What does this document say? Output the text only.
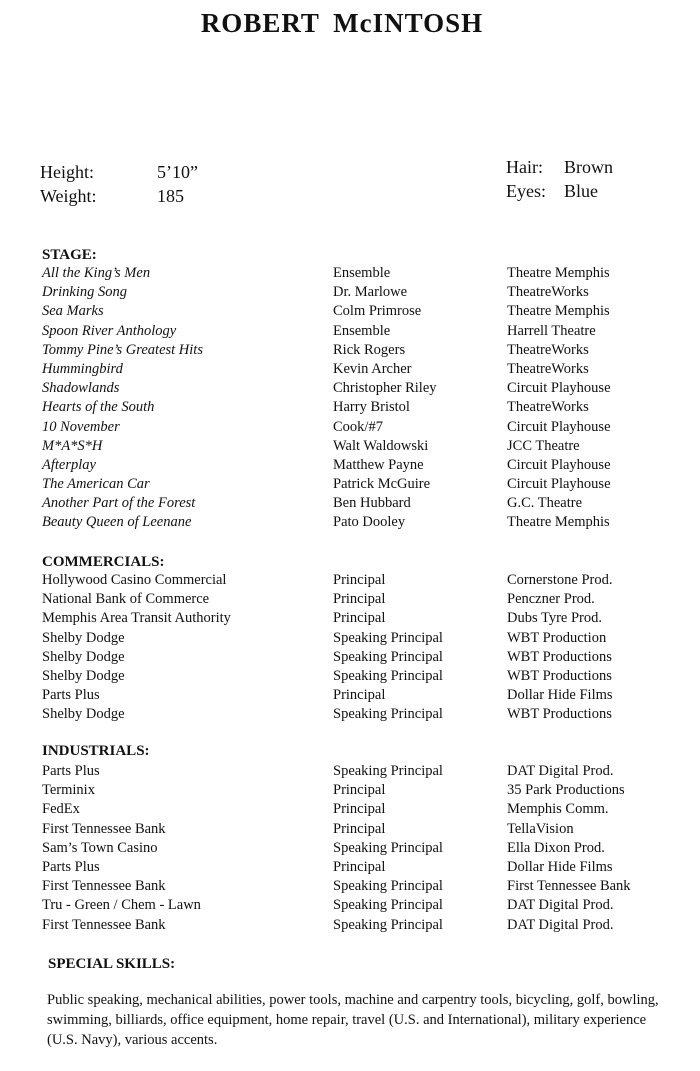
ROBERT McINTOSH
Height:	5’10”
Weight:	185
Hair: Brown
Eyes: Blue
STAGE:
All the King’s Men	Ensemble	Theatre Memphis
Drinking Song	Dr. Marlowe	TheatreWorks
Sea Marks	Colm Primrose	Theatre Memphis
Spoon River Anthology	Ensemble	Harrell Theatre
Tommy Pine’s Greatest Hits	Rick Rogers	TheatreWorks
Hummingbird	Kevin Archer	TheatreWorks
Shadowlands	Christopher Riley	Circuit Playhouse
Hearts of the South	Harry Bristol	TheatreWorks
10 November	Cook/#7	Circuit Playhouse
M*A*S*H	Walt Waldowski	JCC Theatre
Afterplay	Matthew Payne	Circuit Playhouse
The American Car	Patrick McGuire	Circuit Playhouse
Another Part of the Forest	Ben Hubbard	G.C. Theatre
Beauty Queen of Leenane	Pato Dooley	Theatre Memphis
COMMERCIALS:
Hollywood Casino Commercial	Principal	Cornerstone Prod.
National Bank of Commerce	Principal	Penczner Prod.
Memphis Area Transit Authority	Principal	Dubs Tyre Prod.
Shelby Dodge	Speaking Principal	WBT Production
Shelby Dodge	Speaking Principal	WBT Productions
Shelby Dodge	Speaking Principal	WBT Productions
Parts Plus	Principal	Dollar Hide Films
Shelby Dodge	Speaking Principal	WBT Productions
INDUSTRIALS:
Parts Plus	Speaking Principal	DAT Digital Prod.
Terminix	Principal	35 Park Productions
FedEx	Principal	Memphis Comm.
First Tennessee Bank	Principal	TellaVision
Sam’s Town Casino	Speaking Principal	Ella Dixon Prod.
Parts Plus	Principal	Dollar Hide Films
First Tennessee Bank	Speaking Principal	First Tennessee Bank
Tru - Green / Chem - Lawn	Speaking Principal	DAT Digital Prod.
First Tennessee Bank	Speaking Principal	DAT Digital Prod.
SPECIAL SKILLS:
Public speaking, mechanical abilities, power tools, machine and carpentry tools, bicycling, golf, bowling, swimming, billiards, office equipment, home repair, travel (U.S. and International), military experience (U.S. Navy), various accents.
